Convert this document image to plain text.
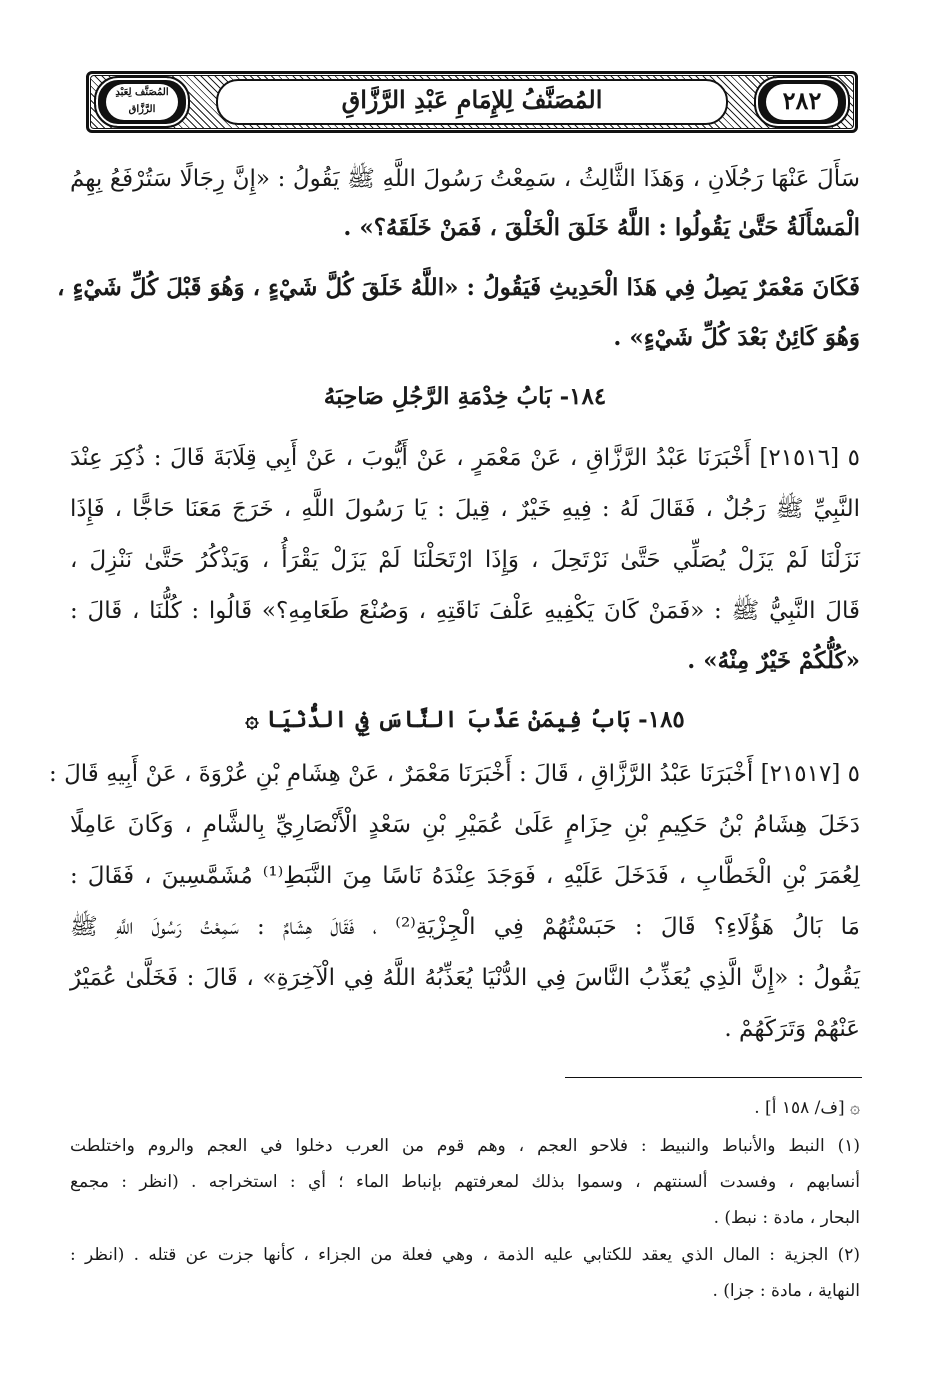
المُصَنَّفُ لِلإِمَامِ عَبْدِ الرَّزَّاقِ	٢٨٢
المُصَنَّف لِعَبْدِ الرَّزَّاق
سَأَلَ عَنْهَا رَجُلَانِ ، وَهَذَا الثَّالِثُ ، سَمِعْتُ رَسُولَ اللَّهِ ﷺ يَقُولُ : «إِنَّ رِجَالًا سَتُرْفَعُ بِهِمُ
الْمَسْأَلَةُ حَتَّىٰ يَقُولُوا : اللَّهُ خَلَقَ الْخَلْقَ ، فَمَنْ خَلَقَهُ؟» .
فَكَانَ مَعْمَرٌ يَصِلُ فِي هَذَا الْحَدِيثِ فَيَقُولُ : «اللَّهُ خَلَقَ كُلَّ شَيْءٍ ، وَهُوَ قَبْلَ كُلِّ شَيْءٍ ،
وَهُوَ كَائِنٌ بَعْدَ كُلِّ شَيْءٍ» .
١٨٤- بَابُ خِدْمَةِ الرَّجُلِ صَاحِبَهُ
٥ [٢١٥١٦] أَخْبَرَنَا عَبْدُ الرَّزَّاقِ ، عَنْ مَعْمَرٍ ، عَنْ أَيُّوبَ ، عَنْ أَبِي قِلَابَةَ قَالَ : ذُكِرَ عِنْدَ
النَّبِيِّ ﷺ رَجُلٌ ، فَقَالَ لَهُ : فِيهِ خَيْرٌ ، قِيلَ : يَا رَسُولَ اللَّهِ ، خَرَجَ مَعَنَا حَاجًّا ، فَإِذَا
نَزَلْنَا لَمْ يَزَلْ يُصَلِّي حَتَّىٰ نَرْتَحِلَ ، وَإِذَا ارْتَحَلْنَا لَمْ يَزَلْ يَقْرَأُ ، وَيَذْكُرُ حَتَّىٰ نَنْزِلَ ،
قَالَ النَّبِيُّ ﷺ : «فَمَنْ كَانَ يَكْفِيهِ عَلْفَ نَاقَتِهِ ، وَصُنْعَ طَعَامِهِ؟» قَالُوا : كُلُّنَا ، قَالَ :
«كُلُّكُمْ خَيْرٌ مِنْهُ» .
١٨٥- بَابُ فِيمَنْ عَذَّبَ النَّاسَ فِي الدُّنْيَا ۞
٥ [٢١٥١٧] أَخْبَرَنَا عَبْدُ الرَّزَّاقِ ، قَالَ : أَخْبَرَنَا مَعْمَرٌ ، عَنْ هِشَامِ بْنِ عُرْوَةَ ، عَنْ أَبِيهِ قَالَ :
دَخَلَ هِشَامُ بْنُ حَكِيمِ بْنِ حِزَامٍ عَلَىٰ عُمَيْرِ بْنِ سَعْدٍ الْأَنْصَارِيِّ بِالشَّامِ ، وَكَانَ عَامِلًا
لِعُمَرَ بْنِ الْخَطَّابِ ، فَدَخَلَ عَلَيْهِ ، فَوَجَدَ عِنْدَهُ نَاسًا مِنَ النَّبَطِ⁽¹⁾ مُشَمَّسِينَ ، فَقَالَ :
مَا بَالُ هَؤُلَاءِ؟ قَالَ : حَبَسْتُهُمْ فِي الْجِزْيَةِ⁽²⁾ ، فَقَالَ هِشَامٌ : سَمِعْتُ رَسُولَ اللَّهِ ﷺ
يَقُولُ : «إِنَّ الَّذِي يُعَذِّبُ النَّاسَ فِي الدُّنْيَا يُعَذِّبُهُ اللَّهُ فِي الْآخِرَةِ» ، قَالَ : فَخَلَّىٰ عُمَيْرٌ
عَنْهُمْ وَتَرَكَهُمْ .
۞ [ف/ ١٥٨ أ] .
(١) النبط والأنباط والنبيط : فلاحو العجم ، وهم قوم من العرب دخلوا في العجم والروم واختلطت
أنسابهم ، وفسدت ألسنتهم ، وسموا بذلك لمعرفتهم بإنباط الماء ؛ أي : استخراجه . (انظر : مجمع
البحار ، مادة : نبط) .
(٢) الجزية : المال الذي يعقد للكتابي عليه الذمة ، وهي فعلة من الجزاء ، كأنها جزت عن قتله . (انظر :
النهاية ، مادة : جزا) .
